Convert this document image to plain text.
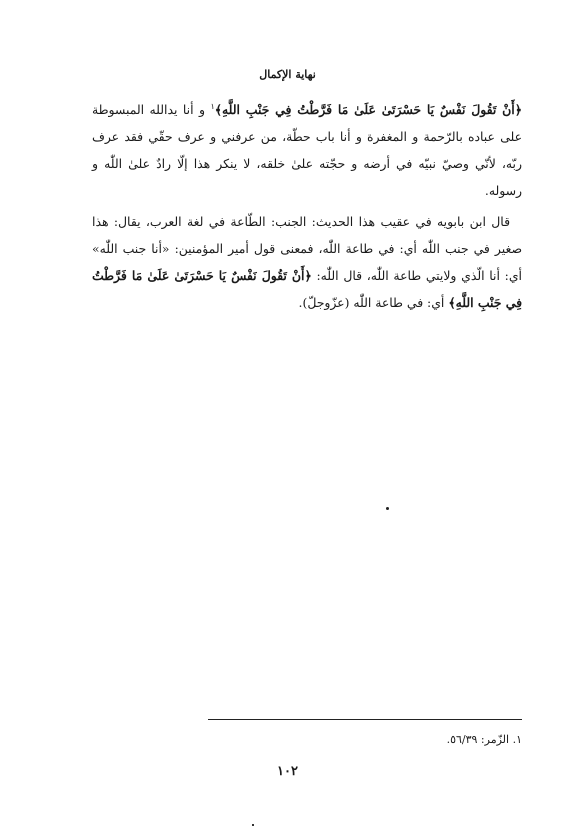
نهاية الإكمال

﴿أَنْ تَقُولَ نَفْسٌ يَا حَسْرَتَىٰ عَلَىٰ مَا فَرَّطْتُ فِي جَنْبِ اللَّهِ﴾$^١$ و أنا يدالله المبسوطة على عباده بالرّحمة و المغفرة و أنا باب حطّة، من عرفني و عرف حقّي فقد عرف ربّه، لأنّي وصيّ نبيّه في أرضه و حجّته علىٰ خلقه، لا ينكر هذا إلّا رادٌ علىٰ اللّٰه و رسوله.

قال ابن بابويه في عقيب هذا الحديث: الجنب: الطّاعة في لغة العرب، يقال: هذا صغير في جنب اللّٰه أي: في طاعة اللّٰه، فمعنى قول أمير المؤمنين: «أنا جنب اللّٰه» أي: أنا الّذي ولايتي طاعة اللّٰه، قال اللّٰه: ﴿أَنْ تَقُولَ نَفْسٌ يَا حَسْرَتَىٰ عَلَىٰ مَا فَرَّطْتُ فِي جَنْبِ اللَّهِ﴾ أي: في طاعة اللّٰه (عزّوجلّ).

١. الزّمر: ٥٦/٣٩.
١٠٢
